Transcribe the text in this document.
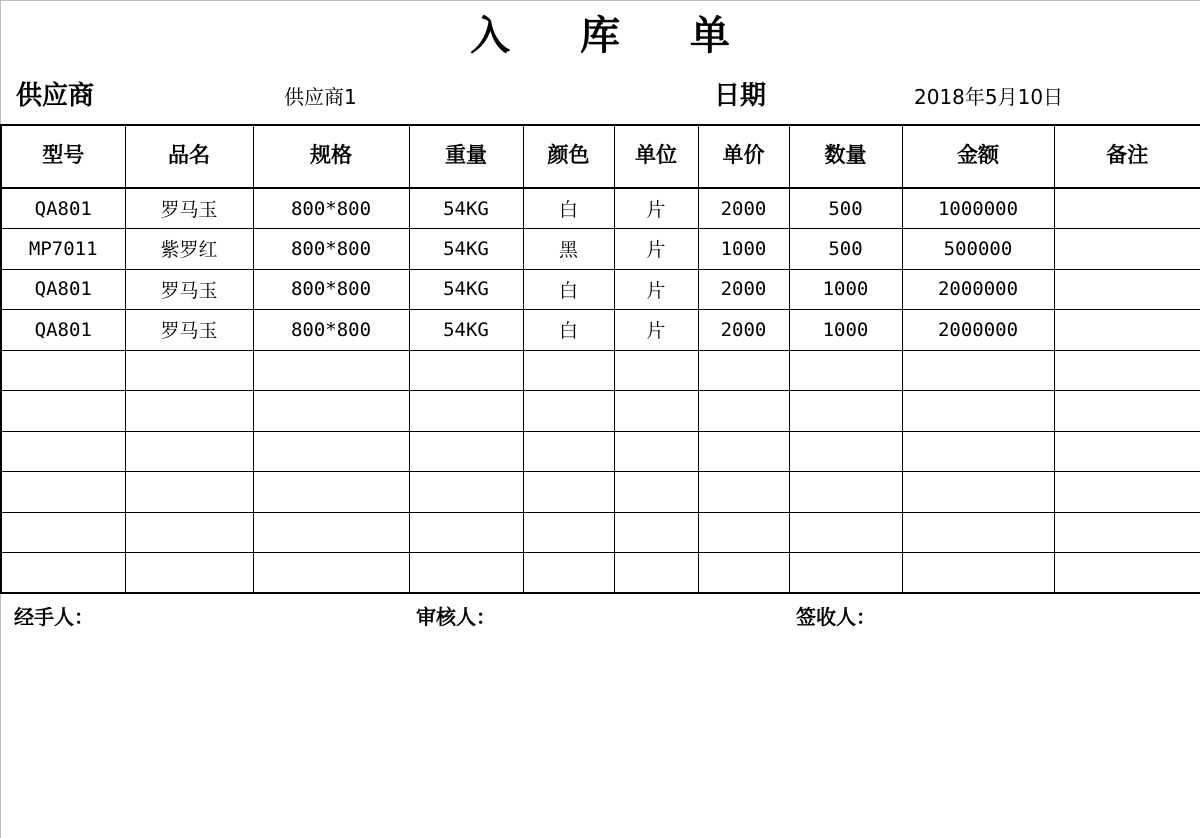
入 库 单
供应商	供应商1	日期	2018年5月10日
型号	品名	规格	重量	颜色	单位	单价	数量	金额	备注
QA801	罗马玉	800*800	54KG	白	片	2000	500	1000000	
MP7011	紫罗红	800*800	54KG	黑	片	1000	500	500000	
QA801	罗马玉	800*800	54KG	白	片	2000	1000	2000000	
QA801	罗马玉	800*800	54KG	白	片	2000	1000	2000000	

经手人：	审核人：	签收人：
